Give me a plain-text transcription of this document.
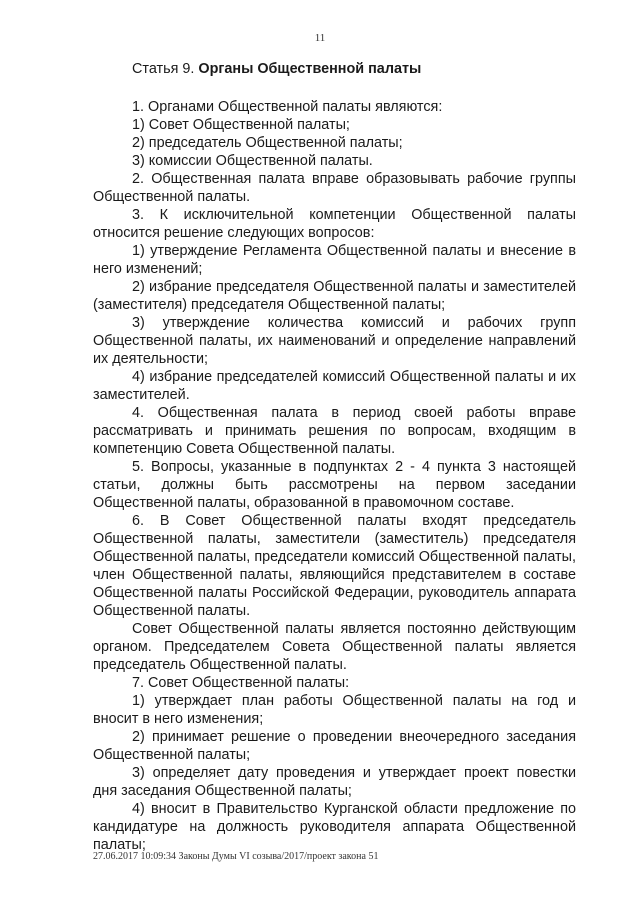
11
Статья 9. Органы Общественной палаты

1. Органами Общественной палаты являются:

1) Совет Общественной палаты;

2) председатель Общественной палаты;

3) комиссии Общественной палаты.

2. Общественная палата вправе образовывать рабочие группы Общественной палаты.

3. К исключительной компетенции Общественной палаты относится решение следующих вопросов:

1) утверждение Регламента Общественной палаты и внесение в него изменений;

2) избрание председателя Общественной палаты и заместителей (заместителя) председателя Общественной палаты;

3) утверждение количества комиссий и рабочих групп Общественной палаты, их наименований и определение направлений их деятельности;

4) избрание председателей комиссий Общественной палаты и их заместителей.

4. Общественная палата в период своей работы вправе рассматривать и принимать решения по вопросам, входящим в компетенцию Совета Общественной палаты.

5. Вопросы, указанные в подпунктах 2 - 4 пункта 3 настоящей статьи, должны быть рассмотрены на первом заседании Общественной палаты, образованной в правомочном составе.

6. В Совет Общественной палаты входят председатель Общественной палаты, заместители (заместитель) председателя Общественной палаты, председатели комиссий Общественной палаты, член Общественной палаты, являющийся представителем в составе Общественной палаты Российской Федерации, руководитель аппарата Общественной палаты.

Совет Общественной палаты является постоянно действующим органом. Председателем Совета Общественной палаты является председатель Общественной палаты.

7. Совет Общественной палаты:

1) утверждает план работы Общественной палаты на год и вносит в него изменения;

2) принимает решение о проведении внеочередного заседания Общественной палаты;

3) определяет дату проведения и утверждает проект повестки дня заседания Общественной палаты;

4) вносит в Правительство Курганской области предложение по кандидатуре на должность руководителя аппарата Общественной палаты;

27.06.2017 10:09:34 Законы Думы VI созыва/2017/проект закона 51
